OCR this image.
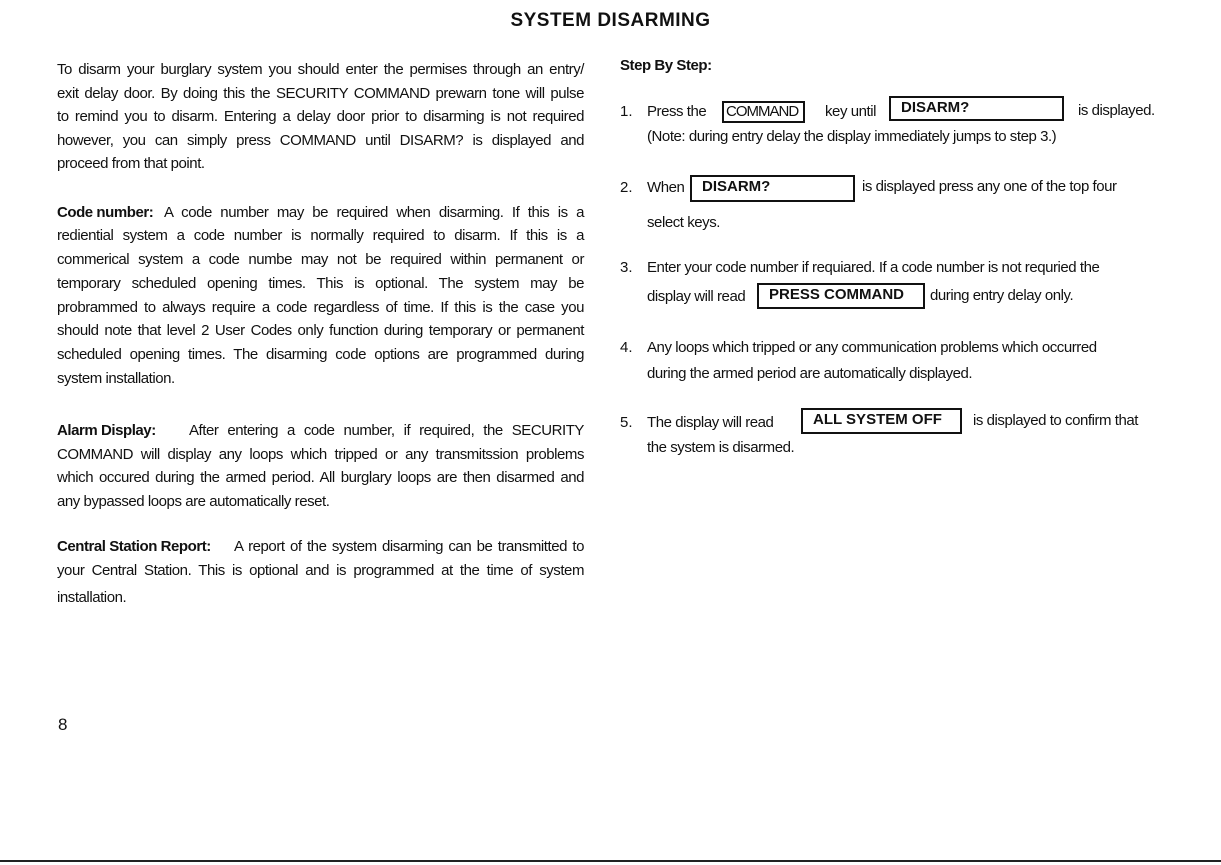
SYSTEM DISARMING
To disarm your burglary system you should enter the permises through an entry/
exit delay door. By doing this the SECURITY COMMAND prewarn tone will pulse
to remind you to disarm. Entering a delay door prior to disarming is not required
however, you can simply press COMMAND until DISARM? is displayed and
proceed from that point.
Code number: A code number may be required when disarming. If this is a
rediential system a code number is normally required to disarm. If this is a
commerical system a code numbe may not be required within permanent or
temporary scheduled opening times. This is optional. The system may be
probrammed to always require a code regardless of time. If this is the case you
should note that level 2 User Codes only function during temporary or permanent
scheduled opening times. The disarming code options are programmed during
system installation.
Alarm Display: After entering a code number, if required, the SECURITY
COMMAND will display any loops which tripped or any transmitssion problems
which occured during the armed period. All burglary loops are then disarmed and
any bypassed loops are automatically reset.
Central Station Report: A report of the system disarming can be transmitted to
your Central Station. This is optional and is programmed at the time of system
installation.
Step By Step:
1. Press the COMMAND	key until	DISARM?	is displayed.
(Note: during entry delay the display immediately jumps to step 3.)
2. When	DISARM?	is displayed press any one of the top four
select keys.
3. Enter your code number if requiared. If a code number is not requried the
display will read	PRESS COMMAND	during entry delay only.
4. Any loops which tripped or any communication problems which occurred
during the armed period are automatically displayed.
5. The display will read	ALL SYSTEM OFF	is displayed to confirm that
the system is disarmed.
8
